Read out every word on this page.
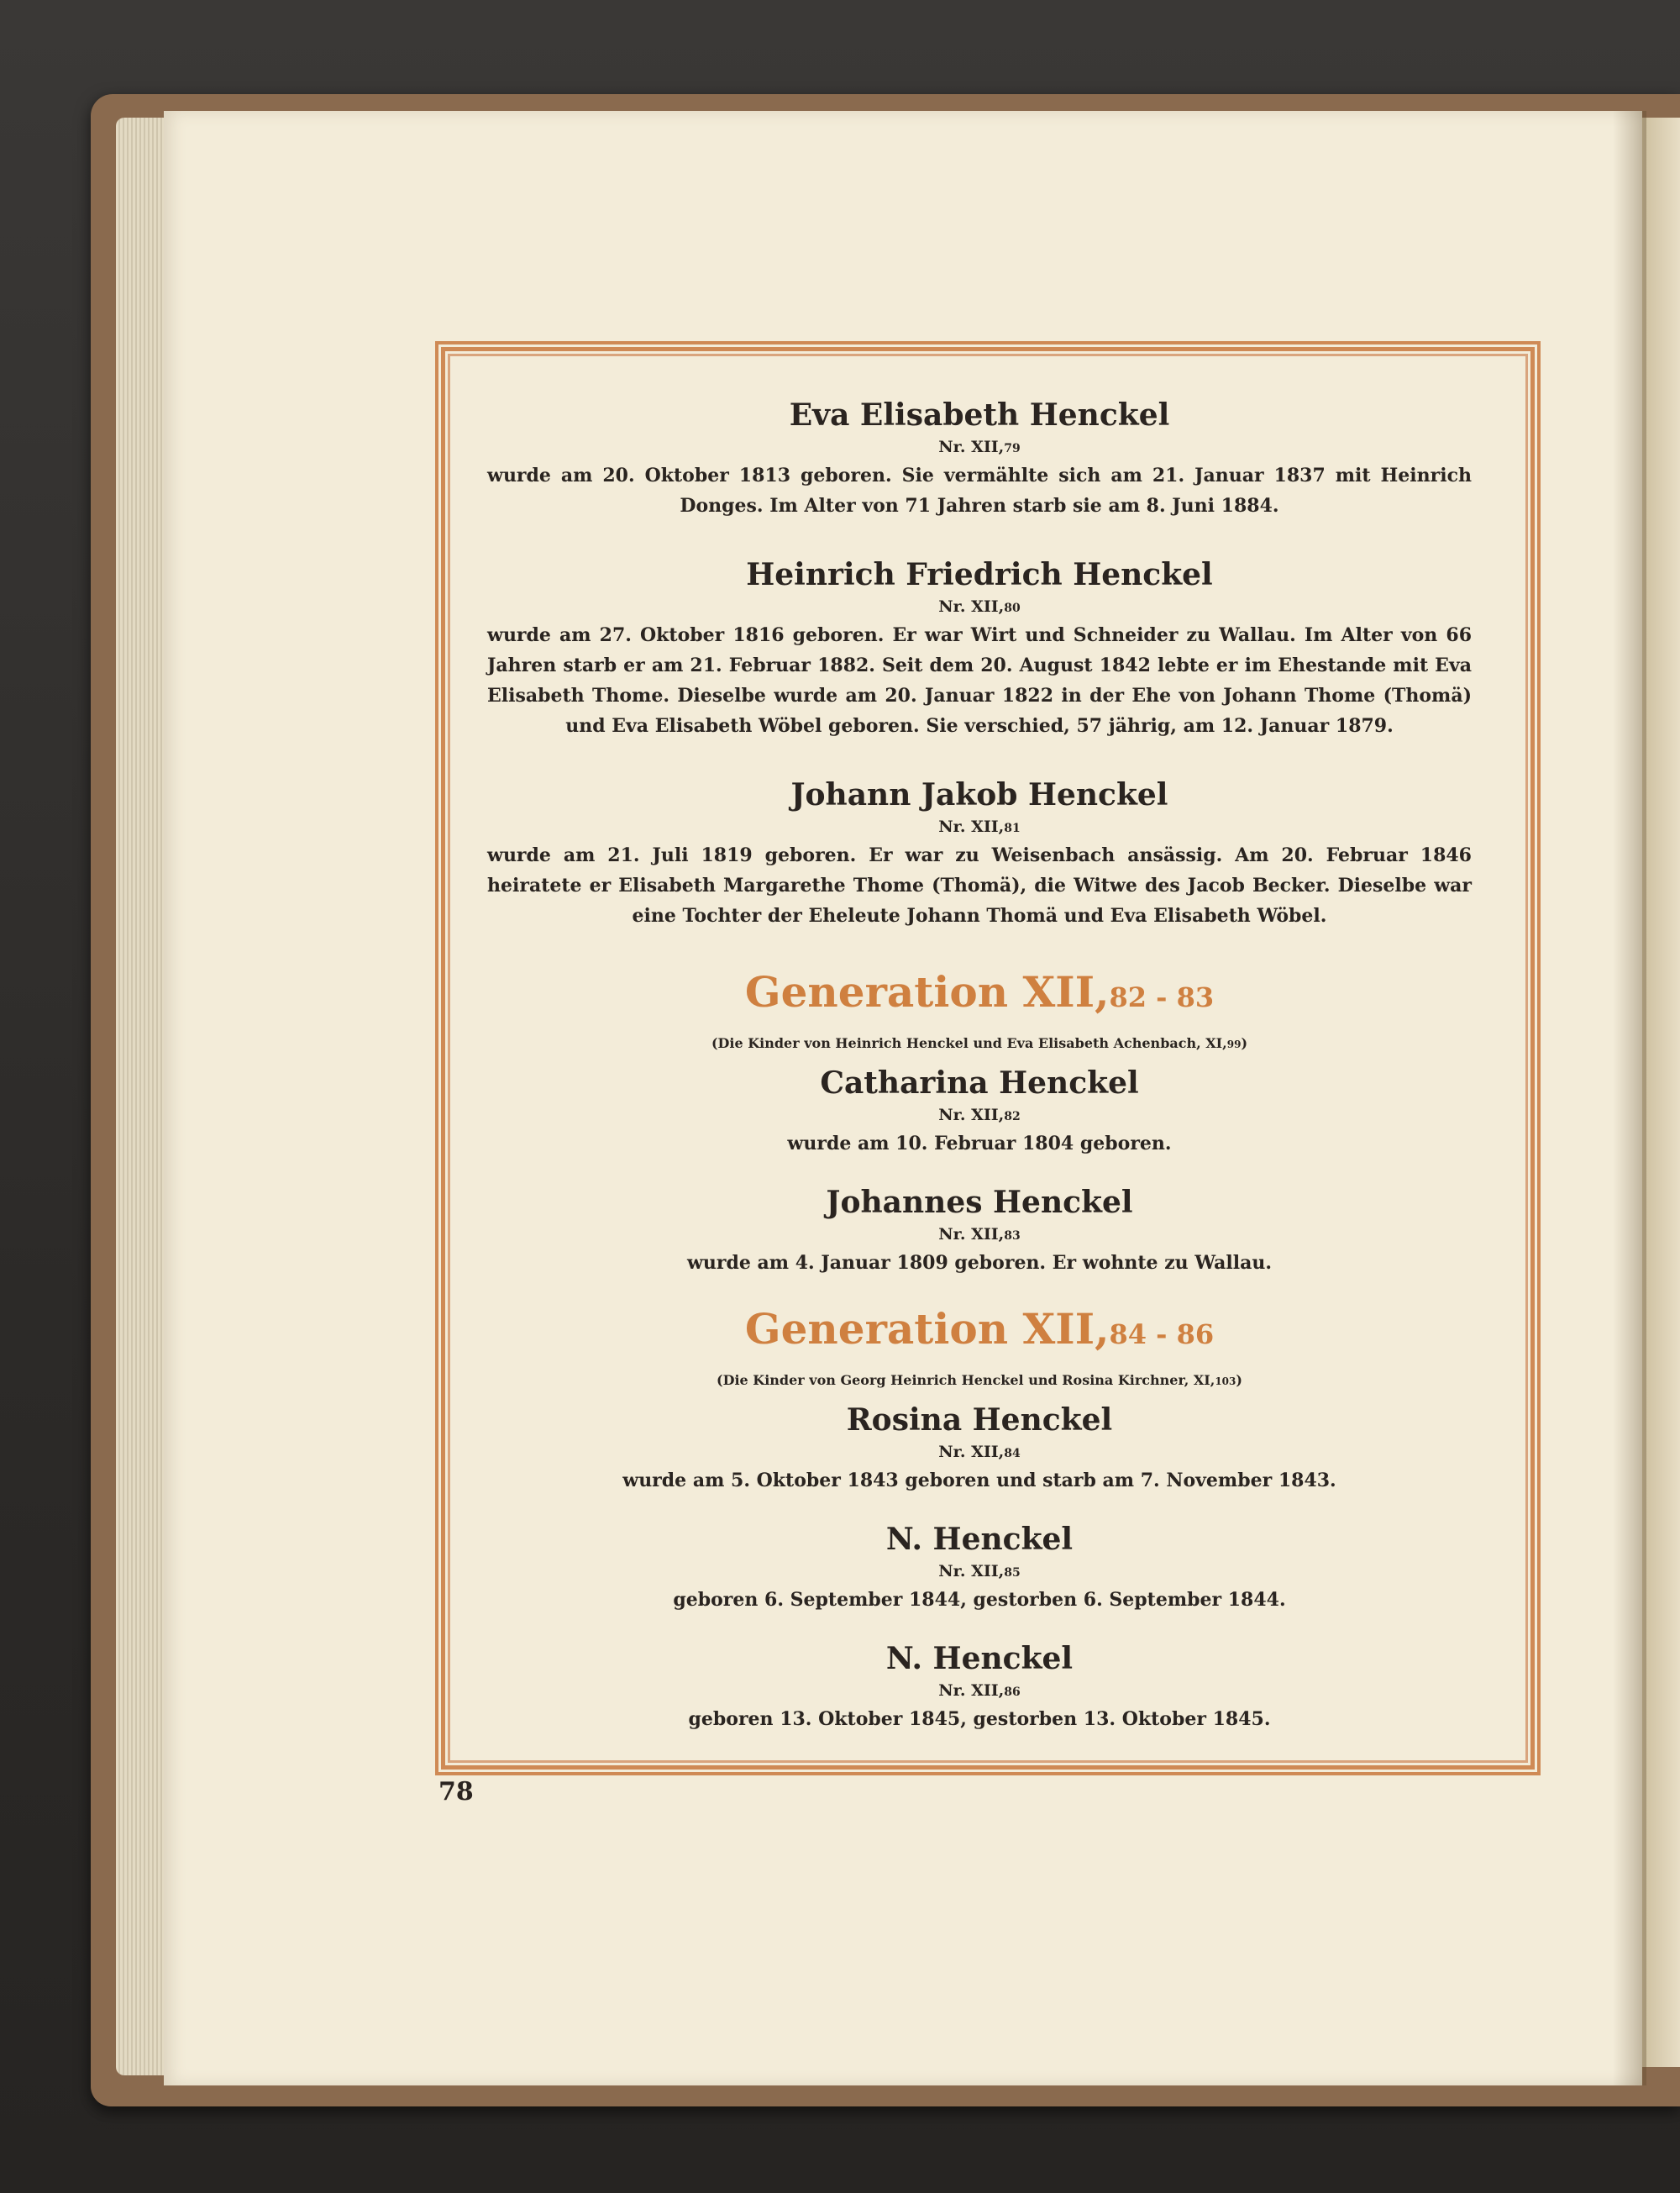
Eva Elisabeth Henckel
Nr. XII,79
wurde am 20. Oktober 1813 geboren. Sie vermählte sich am 21. Januar 1837 mit Heinrich Donges. Im Alter von 71 Jahren starb sie am 8. Juni 1884.
Heinrich Friedrich Henckel
Nr. XII,80
wurde am 27. Oktober 1816 geboren. Er war Wirt und Schneider zu Wallau. Im Alter von 66 Jahren starb er am 21. Februar 1882. Seit dem 20. August 1842 lebte er im Ehestande mit Eva Elisabeth Thome. Dieselbe wurde am 20. Januar 1822 in der Ehe von Johann Thome (Thomä) und Eva Elisabeth Wöbel geboren. Sie verschied, 57 jährig, am 12. Januar 1879.
Johann Jakob Henckel
Nr. XII,81
wurde am 21. Juli 1819 geboren. Er war zu Weisenbach ansässig. Am 20. Februar 1846 heiratete er Elisabeth Margarethe Thome (Thomä), die Witwe des Jacob Becker. Dieselbe war eine Tochter der Eheleute Johann Thomä und Eva Elisabeth Wöbel.
Generation XII,82 - 83
(Die Kinder von Heinrich Henckel und Eva Elisabeth Achenbach, XI,99)
Catharina Henckel
Nr. XII,82
wurde am 10. Februar 1804 geboren.
Johannes Henckel
Nr. XII,83
wurde am 4. Januar 1809 geboren. Er wohnte zu Wallau.
Generation XII,84 - 86
(Die Kinder von Georg Heinrich Henckel und Rosina Kirchner, XI,103)
Rosina Henckel
Nr. XII,84
wurde am 5. Oktober 1843 geboren und starb am 7. November 1843.
N. Henckel
Nr. XII,85
geboren 6. September 1844, gestorben 6. September 1844.
N. Henckel
Nr. XII,86
geboren 13. Oktober 1845, gestorben 13. Oktober 1845.
78
